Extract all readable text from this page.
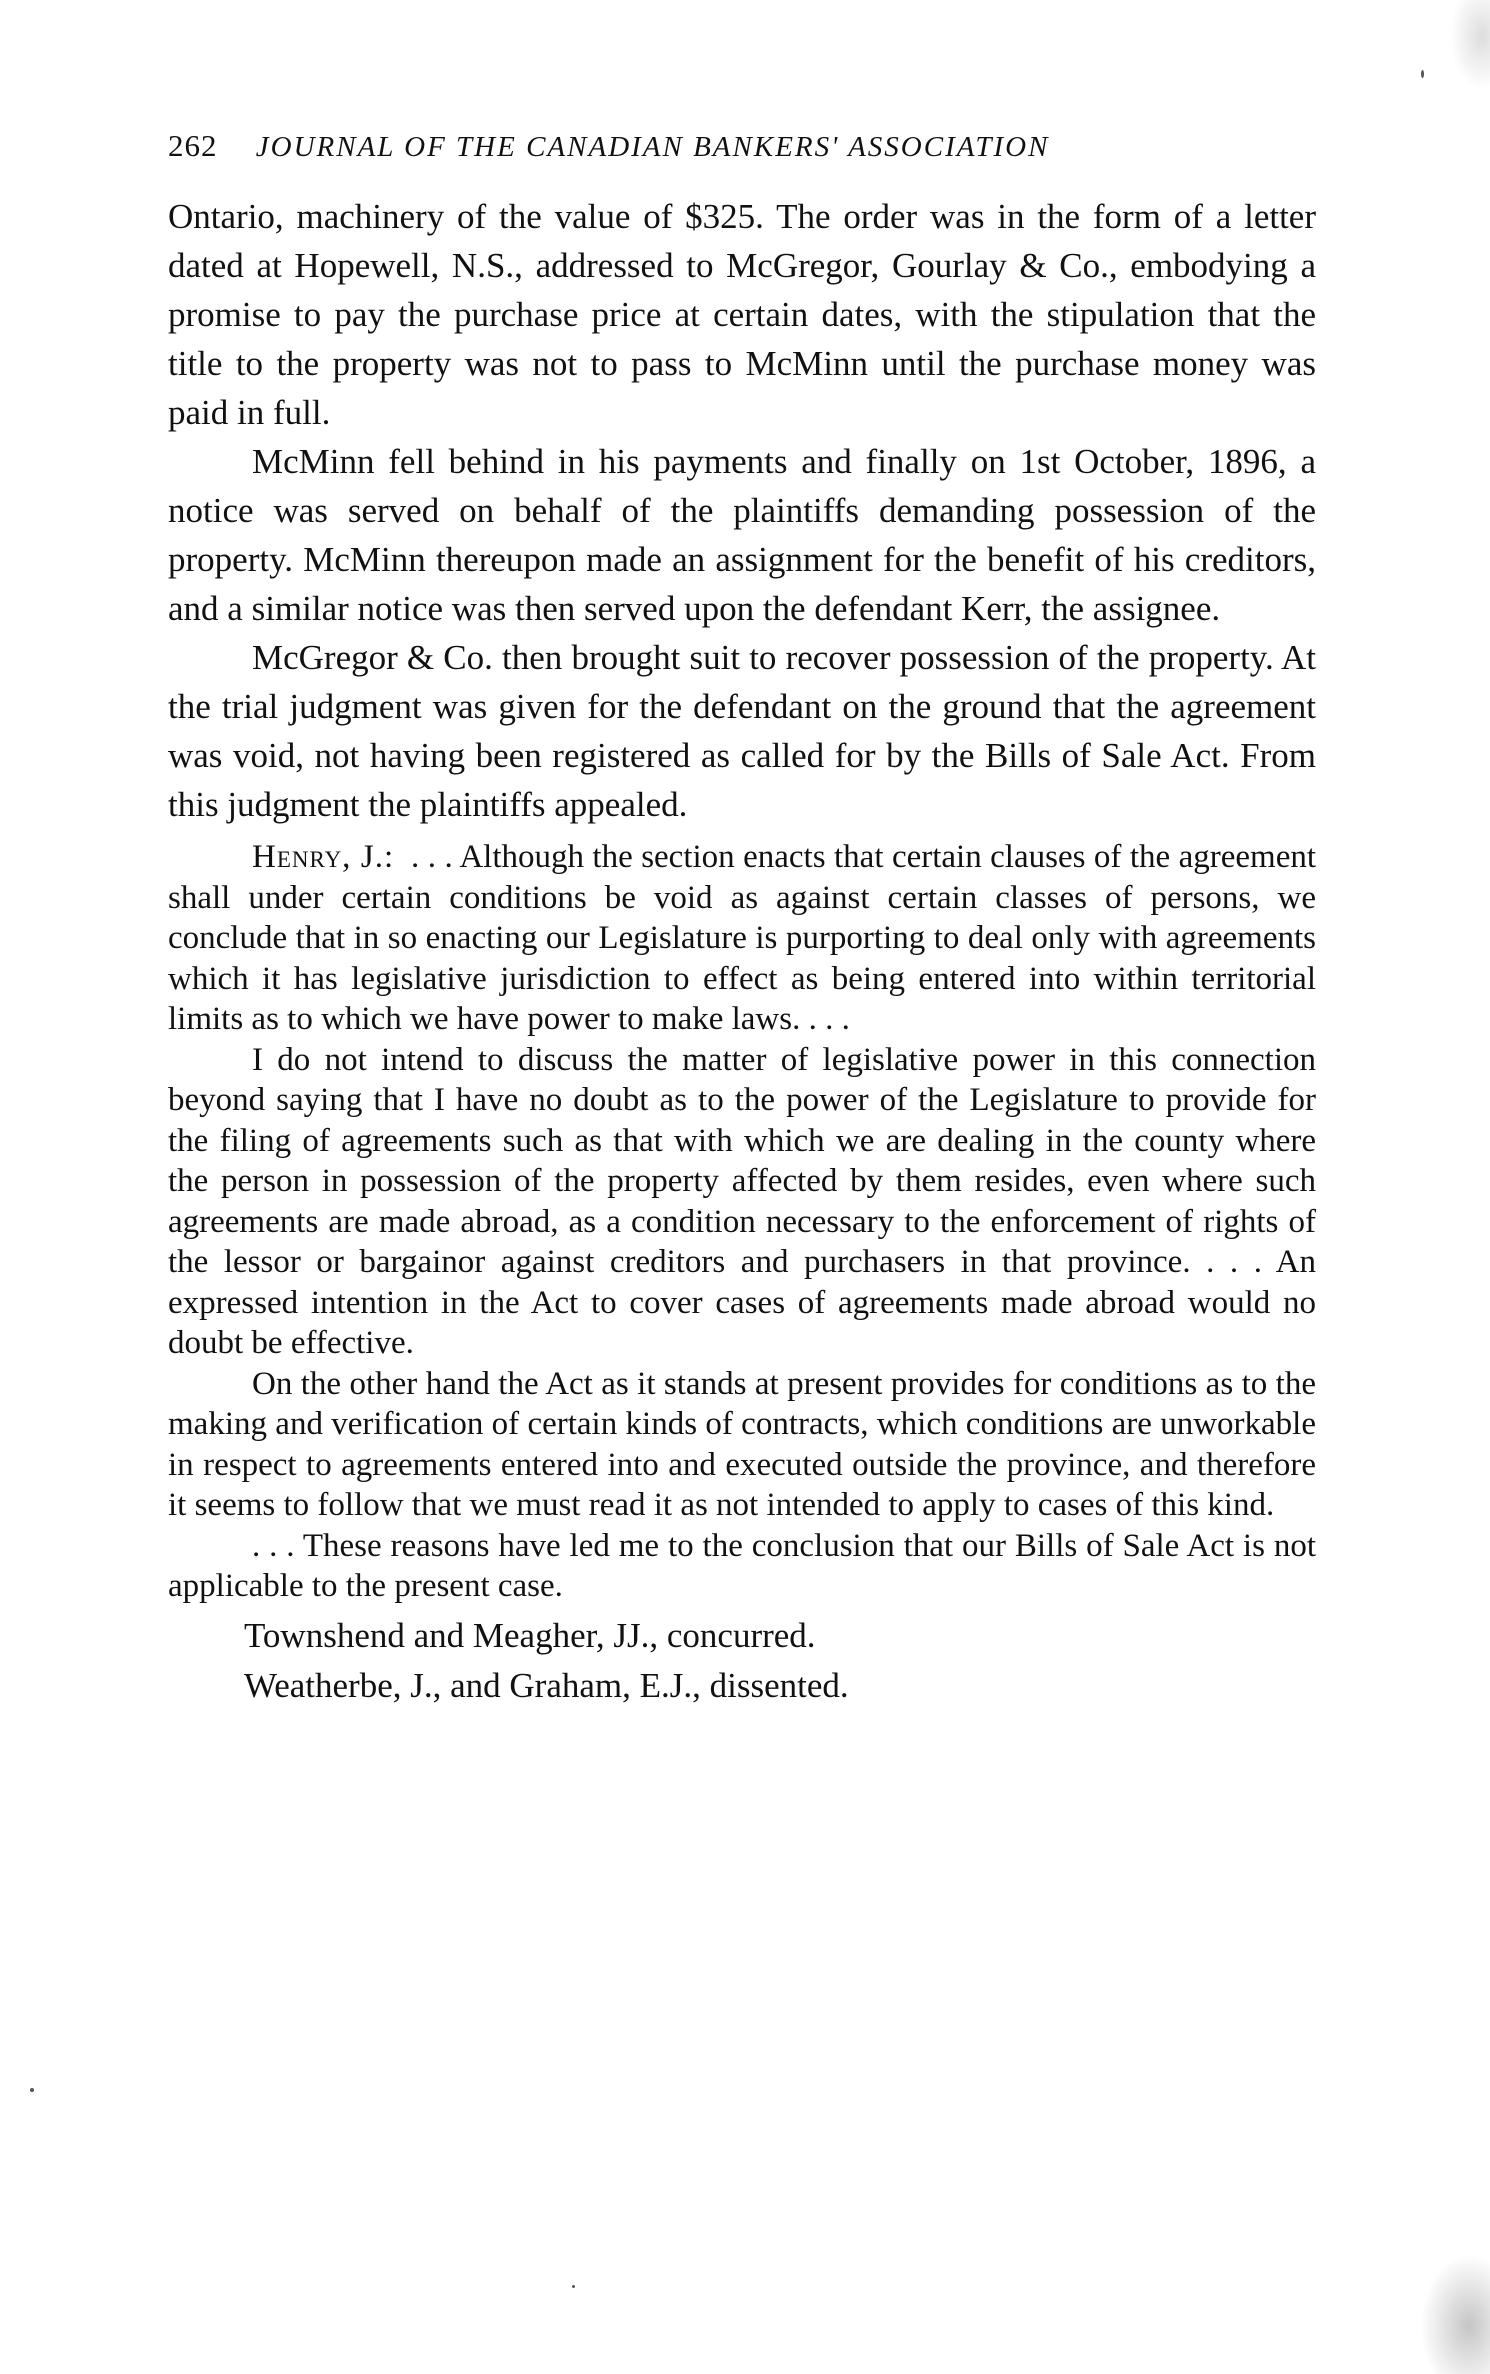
262 JOURNAL OF THE CANADIAN BANKERS' ASSOCIATION

Ontario, machinery of the value of $325. The order was in the form of a letter dated at Hopewell, N.S., addressed to McGregor, Gourlay & Co., embodying a promise to pay the purchase price at certain dates, with the stipulation that the title to the property was not to pass to McMinn until the purchase money was paid in full.

McMinn fell behind in his payments and finally on 1st October, 1896, a notice was served on behalf of the plaintiffs demanding possession of the property. McMinn thereupon made an assignment for the benefit of his creditors, and a similar notice was then served upon the defendant Kerr, the assignee.

McGregor & Co. then brought suit to recover possession of the property. At the trial judgment was given for the defendant on the ground that the agreement was void, not having been registered as called for by the Bills of Sale Act. From this judgment the plaintiffs appealed.

Henry, J.: . . . Although the section enacts that certain clauses of the agreement shall under certain conditions be void as against certain classes of persons, we conclude that in so enacting our Legislature is purporting to deal only with agreements which it has legislative jurisdiction to effect as being entered into within territorial limits as to which we have power to make laws. . . .

I do not intend to discuss the matter of legislative power in this connection beyond saying that I have no doubt as to the power of the Legislature to provide for the filing of agreements such as that with which we are dealing in the county where the person in possession of the property affected by them resides, even where such agreements are made abroad, as a condition necessary to the enforcement of rights of the lessor or bargainor against creditors and purchasers in that province. . . . An expressed intention in the Act to cover cases of agreements made abroad would no doubt be effective.

On the other hand the Act as it stands at present provides for conditions as to the making and verification of certain kinds of contracts, which conditions are unworkable in respect to agreements entered into and executed outside the province, and therefore it seems to follow that we must read it as not intended to apply to cases of this kind.

. . . These reasons have led me to the conclusion that our Bills of Sale Act is not applicable to the present case.

Townshend and Meagher, JJ., concurred.

Weatherbe, J., and Graham, E.J., dissented.
